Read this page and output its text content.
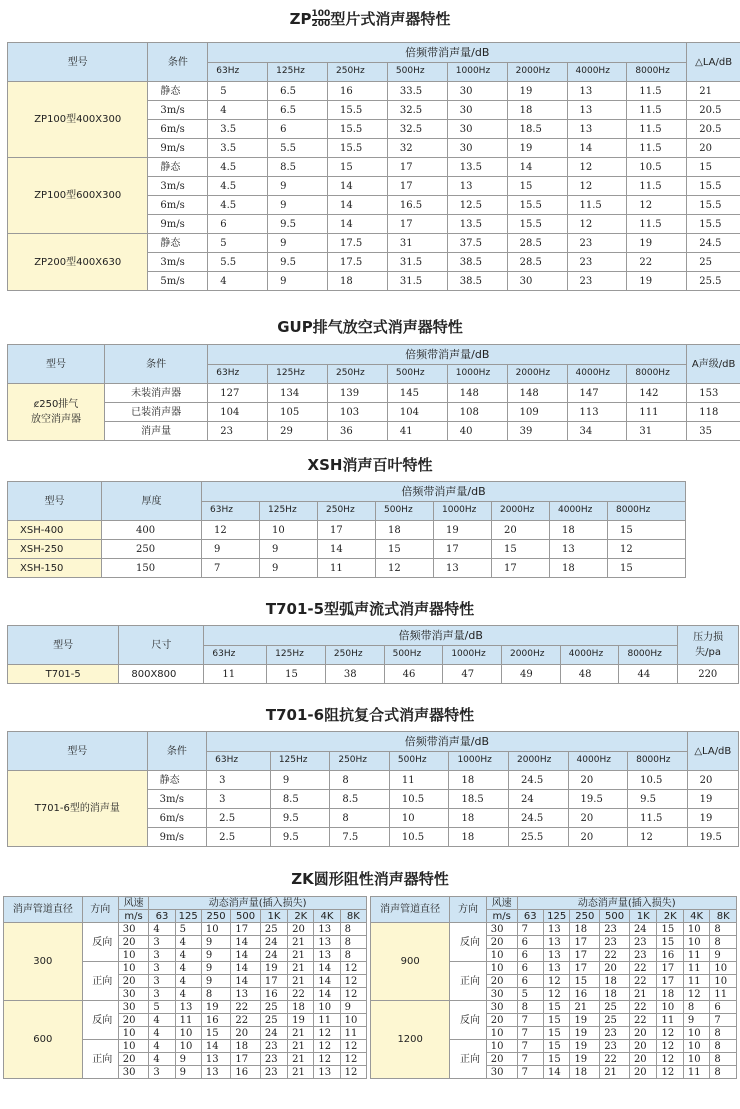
ZP $\frac{100}{200}$ 型片式消声器特性
型号	条件	倍频带消声量/dB								△LA/dB
		63Hz	125Hz	250Hz	500Hz	1000Hz	2000Hz	4000Hz	8000Hz	
ZP100型400X300	静态	5	6.5	16	33.5	30	19	13	11.5	21
	3m/s	4	6.5	15.5	32.5	30	18	13	11.5	20.5
	6m/s	3.5	6	15.5	32.5	30	18.5	13	11.5	20.5
	9m/s	3.5	5.5	15.5	32	30	19	14	11.5	20
ZP100型600X300	静态	4.5	8.5	15	17	13.5	14	12	10.5	15
	3m/s	4.5	9	14	17	13	15	12	11.5	15.5
	6m/s	4.5	9	14	16.5	12.5	15.5	11.5	12	15.5
	9m/s	6	9.5	14	17	13.5	15.5	12	11.5	15.5
ZP200型400X630	静态	5	9	17.5	31	37.5	28.5	23	19	24.5
	3m/s	5.5	9.5	17.5	31.5	38.5	28.5	23	22	25
	5m/s	4	9	18	31.5	38.5	30	23	19	25.5
GUP排气放空式消声器特性
型号	条件	倍频带消声量/dB								A声级/dB
		63Hz	125Hz	250Hz	500Hz	1000Hz	2000Hz	4000Hz	8000Hz	
ȼ250排气
放空消声器	未装消声器	127	134	139	145	148	148	147	142	153
	已装消声器	104	105	103	104	108	109	113	111	118
	消声量	23	29	36	41	40	39	34	31	35
XSH消声百叶特性
型号	厚度	倍频带消声量/dB							
		63Hz	125Hz	250Hz	500Hz	1000Hz	2000Hz	4000Hz	8000Hz
XSH-400	400	12	10	17	18	19	20	18	15
XSH-250	250	9	9	14	15	17	15	13	12
XSH-150	150	7	9	11	12	13	17	18	15
T701-5型弧声流式消声器特性
型号	尺寸	倍频带消声量/dB								压力损
失/pa
		63Hz	125Hz	250Hz	500Hz	1000Hz	2000Hz	4000Hz	8000Hz	
T701-5	800X800	11	15	38	46	47	49	48	44	220
T701-6阻抗复合式消声器特性
型号	条件	倍频带消声量/dB								△LA/dB
		63Hz	125Hz	250Hz	500Hz	1000Hz	2000Hz	4000Hz	8000Hz	
T701-6型的消声量	静态	3	9	8	11	18	24.5	20	10.5	20
	3m/s	3	8.5	8.5	10.5	18.5	24	19.5	9.5	19
	6m/s	2.5	9.5	8	10	18	24.5	20	11.5	19
	9m/s	2.5	9.5	7.5	10.5	18	25.5	20	12	19.5
ZK圆形阻性消声器特性
消声管道直径	方向	风速	动态消声量(插入损失)							
		m/s	63	125	250	500	1K	2K	4K	8K
300	反向	30	4	5	10	17	25	20	13	8
		20	3	4	9	14	24	21	13	8
		10	3	4	9	14	24	21	13	8
	正向	10	3	4	9	14	19	21	14	12
		20	3	4	9	14	17	21	14	12
		30	3	4	8	13	16	22	14	12
600	反向	30	5	13	19	22	25	18	10	9
		20	4	11	16	22	25	19	11	10
		10	4	10	15	20	24	21	12	11
	正向	10	4	10	14	18	23	21	12	12
		20	4	9	13	17	23	21	12	12
		30	3	9	13	16	23	21	13	12
消声管道直径	方向	风速	动态消声量(插入损失)							
		m/s	63	125	250	500	1K	2K	4K	8K
900	反向	30	7	13	18	23	24	15	10	8
		20	6	13	17	23	23	15	10	8
		10	6	13	17	22	23	16	11	9
	正向	10	6	13	17	20	22	17	11	10
		20	6	12	15	18	22	17	11	10
		30	5	12	16	18	21	18	12	11
1200	反向	30	8	15	21	25	22	10	8	6
		20	7	15	19	25	22	11	9	7
		10	7	15	19	23	20	12	10	8
	正向	10	7	15	19	23	20	12	10	8
		20	7	15	19	22	20	12	10	8
		30	7	14	18	21	20	12	11	8
